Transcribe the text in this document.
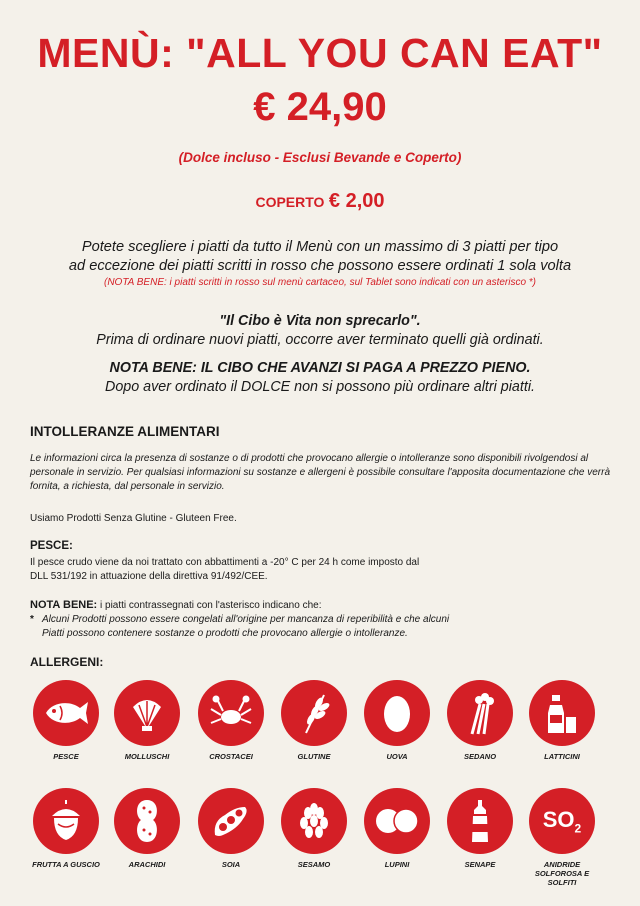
MENÙ: "ALL YOU CAN EAT"
€ 24,90
(Dolce incluso - Esclusi Bevande e Coperto)
COPERTO € 2,00
Potete scegliere i piatti da tutto il Menù con un massimo di 3 piatti per tipo
ad eccezione dei piatti scritti in rosso che possono essere ordinati 1 sola volta
(NOTA BENE: i piatti scritti in rosso sul menù cartaceo, sul Tablet sono indicati con un asterisco *)
"Il Cibo è Vita non sprecarlo".
Prima di ordinare nuovi piatti, occorre aver terminato quelli già ordinati.
NOTA BENE: IL CIBO CHE AVANZI SI PAGA A PREZZO PIENO.
Dopo aver ordinato il DOLCE non si possono più ordinare altri piatti.
INTOLLERANZE ALIMENTARI
Le informazioni circa la presenza di sostanze o di prodotti che provocano allergie o intolleranze sono disponibili rivolgendosi al personale in servizio. Per qualsiasi informazioni su sostanze e allergeni è possibile consultare l'apposita documentazione che verrà fornita, a richiesta, dal personale in servizio.
Usiamo Prodotti Senza Glutine - Gluteen Free.
PESCE:
Il pesce crudo viene da noi trattato con abbattimenti a -20° C per 24 h come imposto dal
DLL 531/192 in attuazione della direttiva 91/492/CEE.
NOTA BENE: i piatti contrassegnati con l'asterisco indicano che:
* Alcuni Prodotti possono essere congelati all'origine per mancanza di reperibilità e che alcuni
Piatti possono contenere sostanze o prodotti che provocano allergie o intolleranze.
ALLERGENI:
PESCE	MOLLUSCHI	CROSTACEI	GLUTINE	UOVA	SEDANO	LATTICINI
FRUTTA A GUSCIO	ARACHIDI	SOIA	SESAMO	LUPINI	SENAPE
$SO_2$
ANIDRIDE SOLFOROSA E SOLFITI
